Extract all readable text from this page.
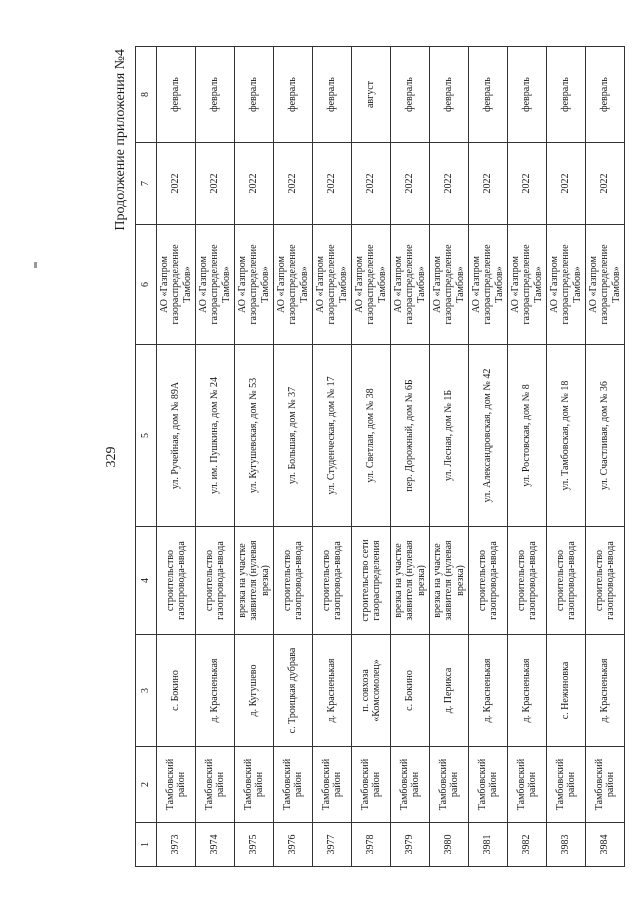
329
Продолжение приложения №4
1	2	3	4	5	6	7	8
3973	Тамбовский район	с. Бокино	строительство газопровода-ввода	ул. Ручейная, дом № 89А	АО «Газпром газораспределение Тамбов»	2022	февраль
3974	Тамбовский район	д. Красненькая	строительство газопровода-ввода	ул. им. Пушкина, дом № 24	АО «Газпром газораспределение Тамбов»	2022	февраль
3975	Тамбовский район	д. Кугушево	врезка на участке заявителя (нулевая врезка)	ул. Кугушевская, дом № 53	АО «Газпром газораспределение Тамбов»	2022	февраль
3976	Тамбовский район	с. Троицкая дубрава	строительство газопровода-ввода	ул. Большая, дом № 37	АО «Газпром газораспределение Тамбов»	2022	февраль
3977	Тамбовский район	д. Красненькая	строительство газопровода-ввода	ул. Студенческая, дом № 17	АО «Газпром газораспределение Тамбов»	2022	февраль
3978	Тамбовский район	п. совхоза «Комсомолец»	строительство сети газораспределения	ул. Светлая, дом № 38	АО «Газпром газораспределение Тамбов»	2022	август
3979	Тамбовский район	с. Бокино	врезка на участке заявителя (нулевая врезка)	пер. Дорожный, дом № 6Б	АО «Газпром газораспределение Тамбов»	2022	февраль
3980	Тамбовский район	д. Периксa	врезка на участке заявителя (нулевая врезка)	ул. Лесная, дом № 1Б	АО «Газпром газораспределение Тамбов»	2022	февраль
3981	Тамбовский район	д. Красненькая	строительство газопровода-ввода	ул. Александровская, дом № 42	АО «Газпром газораспределение Тамбов»	2022	февраль
3982	Тамбовский район	д. Красненькая	строительство газопровода-ввода	ул. Ростовская, дом № 8	АО «Газпром газораспределение Тамбов»	2022	февраль
3983	Тамбовский район	с. Нежиновка	строительство газопровода-ввода	ул. Тамбовская, дом № 18	АО «Газпром газораспределение Тамбов»	2022	февраль
3984	Тамбовский район	д. Красненькая	строительство газопровода-ввода	ул. Счастливая, дом № 36	АО «Газпром газораспределение Тамбов»	2022	февраль
